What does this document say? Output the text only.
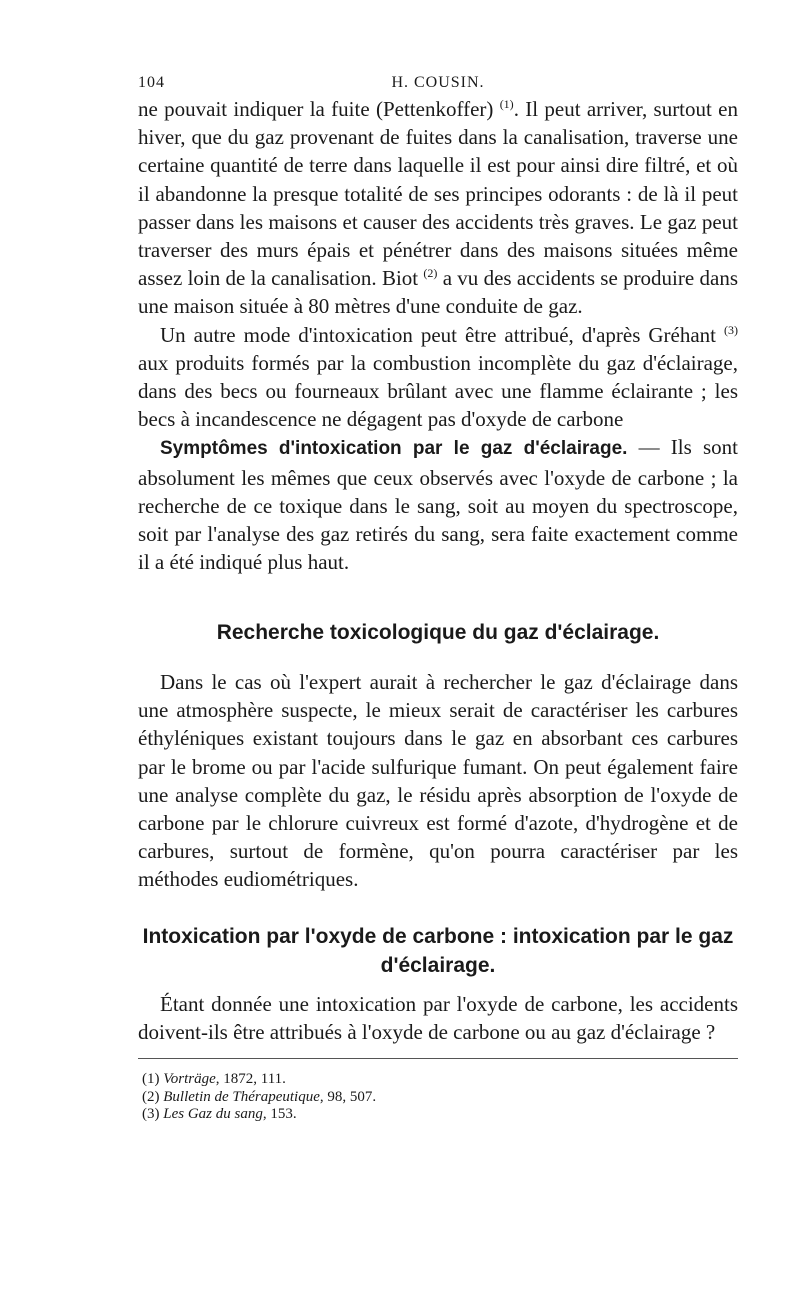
104	H. COUSIN.

ne pouvait indiquer la fuite (Pettenkoffer) $^{(1)}$. Il peut arriver, surtout en hiver, que du gaz provenant de fuites dans la canalisation, traverse une certaine quantité de terre dans laquelle il est pour ainsi dire filtré, et où il abandonne la presque totalité de ses principes odorants : de là il peut passer dans les maisons et causer des accidents très graves. Le gaz peut traverser des murs épais et pénétrer dans des maisons situées même assez loin de la canalisation. Biot $^{(2)}$ a vu des accidents se produire dans une maison située à 80 mètres d'une conduite de gaz.

Un autre mode d'intoxication peut être attribué, d'après Gréhant $^{(3)}$ aux produits formés par la combustion incomplète du gaz d'éclairage, dans des becs ou fourneaux brûlant avec une flamme éclairante ; les becs à incandescence ne dégagent pas d'oxyde de carbone

Symptômes d'intoxication par le gaz d'éclairage. — Ils sont absolument les mêmes que ceux observés avec l'oxyde de carbone ; la recherche de ce toxique dans le sang, soit au moyen du spectroscope, soit par l'analyse des gaz retirés du sang, sera faite exactement comme il a été indiqué plus haut.

Recherche toxicologique du gaz d'éclairage.

Dans le cas où l'expert aurait à rechercher le gaz d'éclairage dans une atmosphère suspecte, le mieux serait de caractériser les carbures éthyléniques existant toujours dans le gaz en absorbant ces carbures par le brome ou par l'acide sulfurique fumant. On peut également faire une analyse complète du gaz, le résidu après absorption de l'oxyde de carbone par le chlorure cuivreux est formé d'azote, d'hydrogène et de carbures, surtout de formène, qu'on pourra caractériser par les méthodes eudiométriques.

Intoxication par l'oxyde de carbone : intoxication par le gaz d'éclairage.

Étant donnée une intoxication par l'oxyde de carbone, les accidents doivent-ils être attribués à l'oxyde de carbone ou au gaz d'éclairage ?

(1) Vorträge, 1872, 111.
(2) Bulletin de Thérapeutique, 98, 507.
(3) Les Gaz du sang, 153.
